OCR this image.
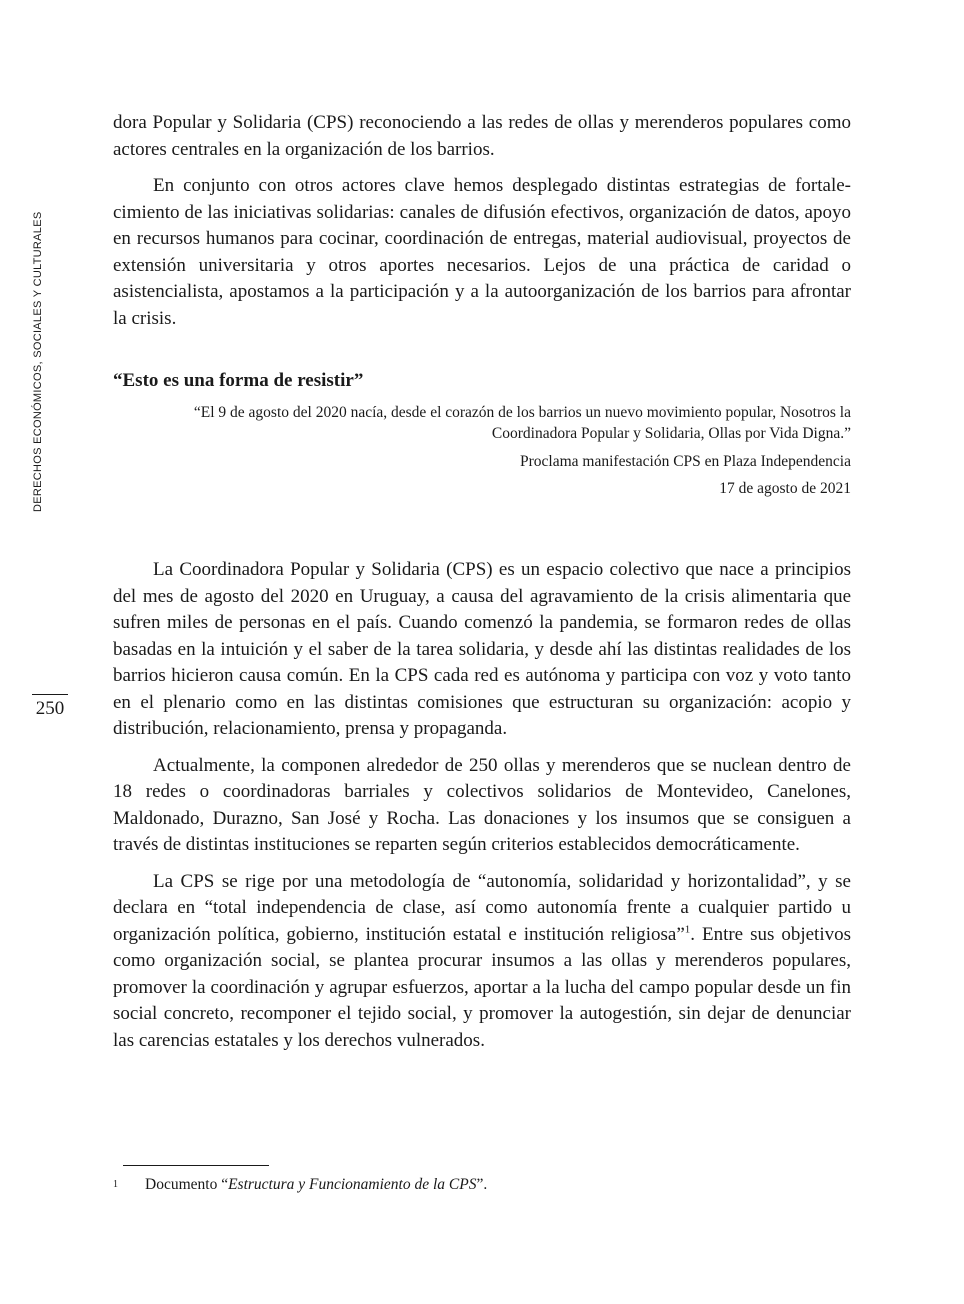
DERECHOS ECONÓMICOS, SOCIALES Y CULTURALES
250

dora Popular y Solidaria (CPS) reconociendo a las redes de ollas y merenderos populares como actores centrales en la organización de los barrios.

En conjunto con otros actores clave hemos desplegado distintas estrategias de fortalecimiento de las iniciativas solidarias: canales de difusión efectivos, organización de datos, apoyo en recursos humanos para cocinar, coordinación de entregas, material audiovisual, proyectos de extensión universitaria y otros aportes necesarios. Lejos de una práctica de caridad o asistencialista, apostamos a la participación y a la autoorganización de los barrios para afrontar la crisis.

“Esto es una forma de resistir”
“El 9 de agosto del 2020 nacía, desde el corazón de los barrios un nuevo movimiento popular, Nosotros la Coordinadora Popular y Solidaria, Ollas por Vida Digna.”
Proclama manifestación CPS en Plaza Independencia
17 de agosto de 2021

La Coordinadora Popular y Solidaria (CPS) es un espacio colectivo que nace a principios del mes de agosto del 2020 en Uruguay, a causa del agravamiento de la crisis alimentaria que sufren miles de personas en el país. Cuando comenzó la pandemia, se formaron redes de ollas basadas en la intuición y el saber de la tarea solidaria, y desde ahí las distintas realidades de los barrios hicieron causa común. En la CPS cada red es autónoma y participa con voz y voto tanto en el plenario como en las distintas comisiones que estructuran su organización: acopio y distribución, relacionamiento, prensa y propaganda.

Actualmente, la componen alrededor de 250 ollas y merenderos que se nuclean dentro de 18 redes o coordinadoras barriales y colectivos solidarios de Montevideo, Canelones, Maldonado, Durazno, San José y Rocha. Las donaciones y los insumos que se consiguen a través de distintas instituciones se reparten según criterios establecidos democráticamente.

La CPS se rige por una metodología de “autonomía, solidaridad y horizontalidad”, y se declara en “total independencia de clase, así como autonomía frente a cualquier partido u organización política, gobierno, institución estatal e institución religiosa”$^1$. Entre sus objetivos como organización social, se plantea procurar insumos a las ollas y merenderos populares, promover la coordinación y agrupar esfuerzos, aportar a la lucha del campo popular desde un fin social concreto, recomponer el tejido social, y promover la autogestión, sin dejar de denunciar las carencias estatales y los derechos vulnerados.

1 Documento “Estructura y Funcionamiento de la CPS”.
